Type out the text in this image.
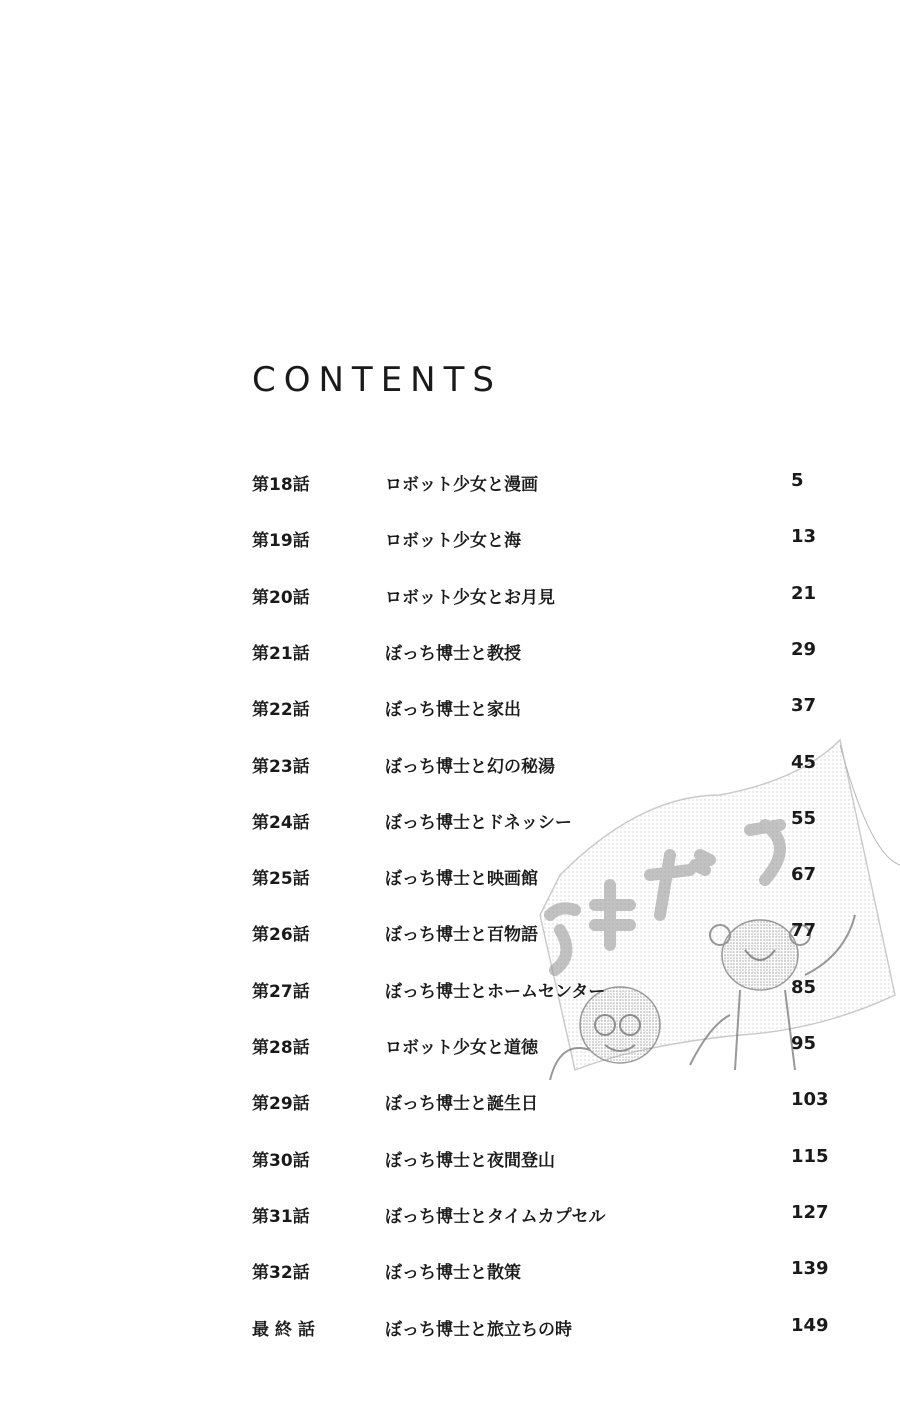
CONTENTS
第18話	ロボット少女と漫画	5
第19話	ロボット少女と海	13
第20話	ロボット少女とお月見	21
第21話	ぼっち博士と教授	29
第22話	ぼっち博士と家出	37
第23話	ぼっち博士と幻の秘湯	45
第24話	ぼっち博士とドネッシー	55
第25話	ぼっち博士と映画館	67
第26話	ぼっち博士と百物語	77
第27話	ぼっち博士とホームセンター	85
第28話	ロボット少女と道徳	95
第29話	ぼっち博士と誕生日	103
第30話	ぼっち博士と夜間登山	115
第31話	ぼっち博士とタイムカプセル	127
第32話	ぼっち博士と散策	139
最 終 話	ぼっち博士と旅立ちの時	149
